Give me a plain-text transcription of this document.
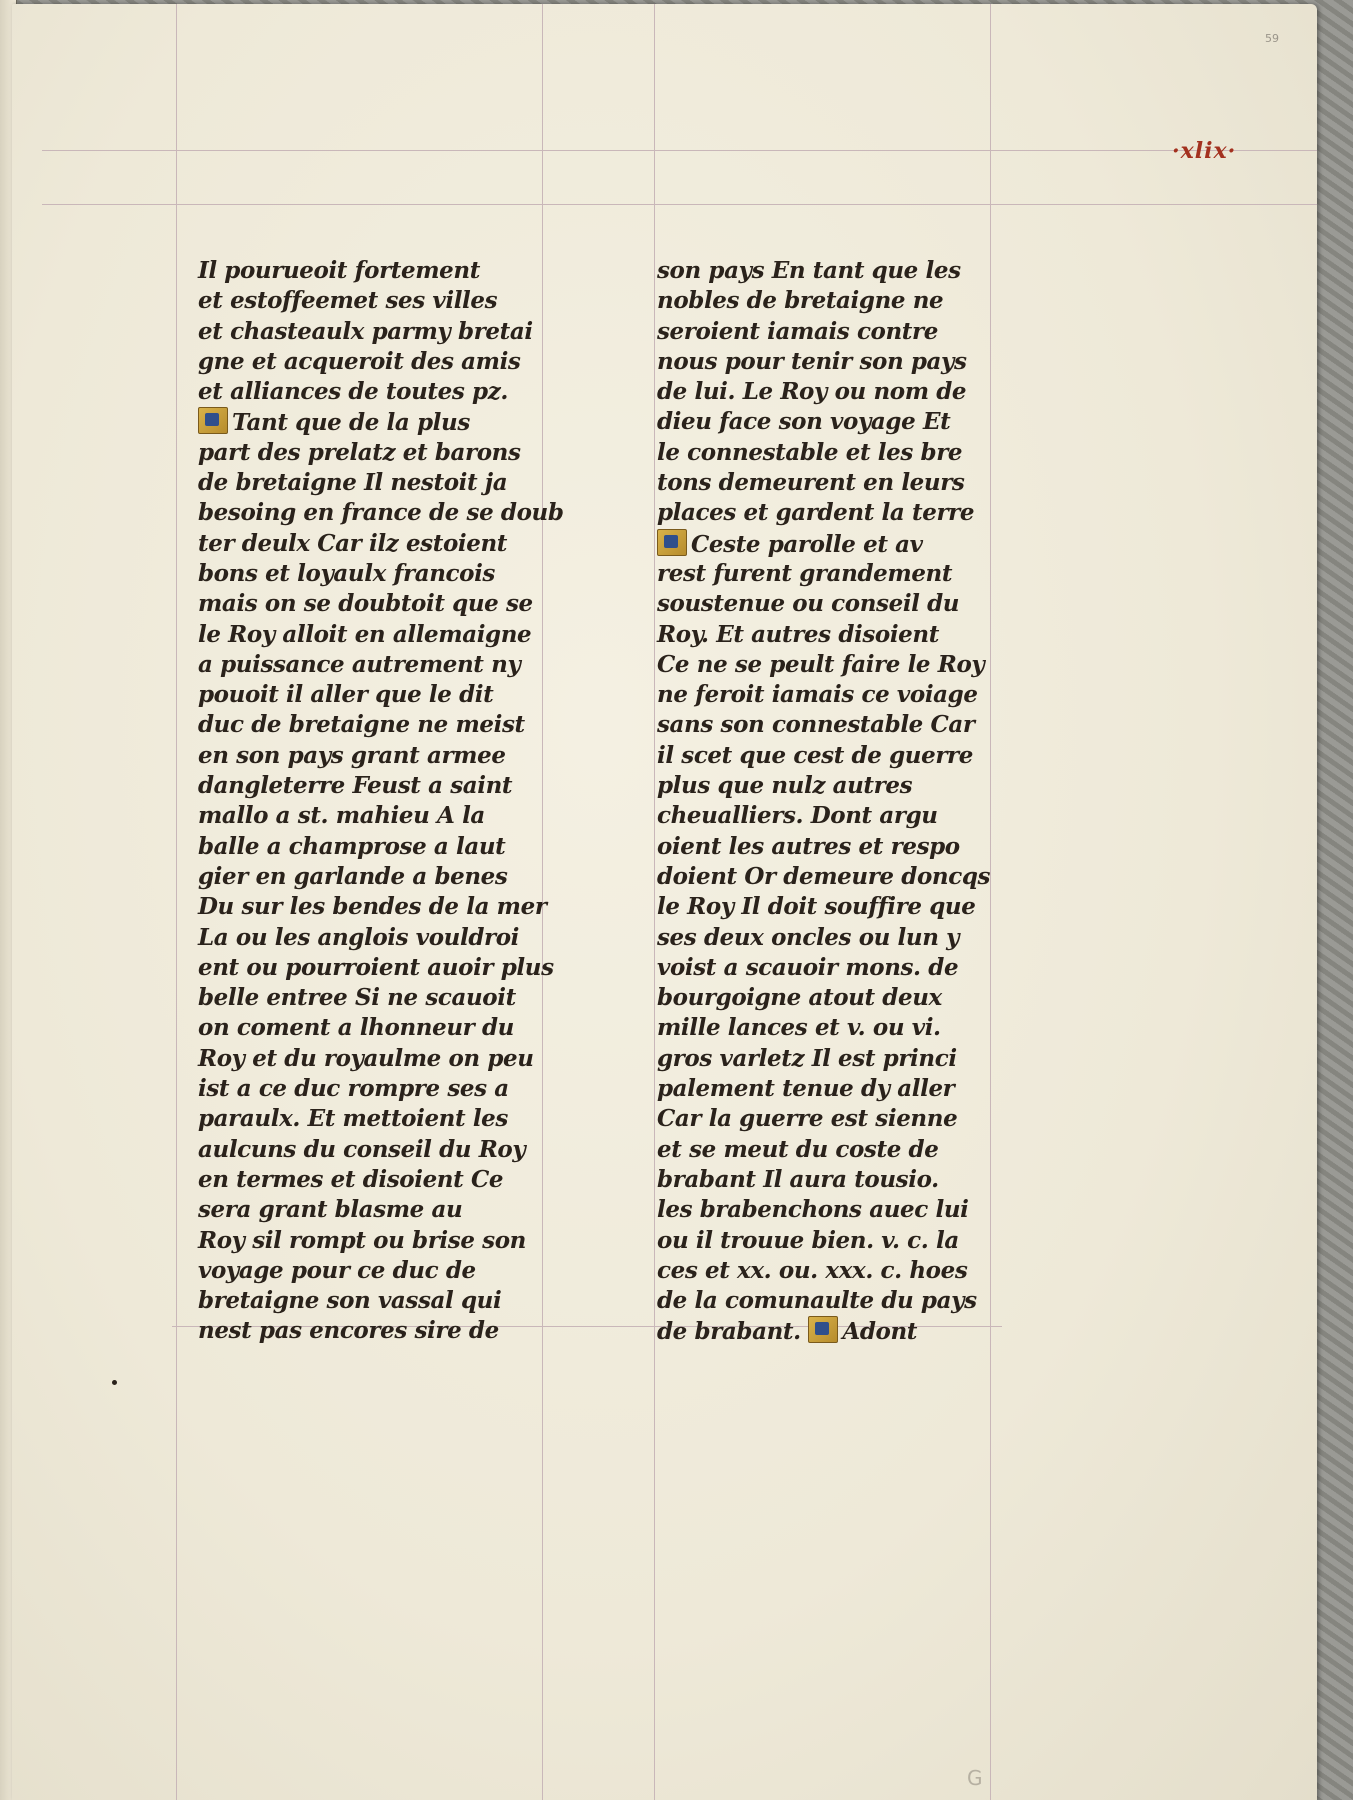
59
·xlix·
Il pourueoit fortement
et estoffeemet ses villes
et chasteaulx parmy bretai
gne et acqueroit des amis
et alliances de toutes pz.
Tant que de la plus
part des prelatz et barons
de bretaigne Il nestoit ja
besoing en france de se doub
ter deulx Car ilz estoient
bons et loyaulx francois
mais on se doubtoit que se
le Roy alloit en allemaigne
a puissance autrement ny
pouoit il aller que le dit
duc de bretaigne ne meist
en son pays grant armee
dangleterre Feust a saint
mallo a st. mahieu A la
balle a champrose a laut
gier en garlande a benes
Du sur les bendes de la mer
La ou les anglois vouldroi
ent ou pourroient auoir plus
belle entree Si ne scauoit
on coment a lhonneur du
Roy et du royaulme on peu
ist a ce duc rompre ses a
paraulx. Et mettoient les
aulcuns du conseil du Roy
en termes et disoient Ce
sera grant blasme au
Roy sil rompt ou brise son
voyage pour ce duc de
bretaigne son vassal qui
nest pas encores sire de
son pays En tant que les
nobles de bretaigne ne
seroient iamais contre
nous pour tenir son pays
de lui. Le Roy ou nom de
dieu face son voyage Et
le connestable et les bre
tons demeurent en leurs
places et gardent la terre
Ceste parolle et av
rest furent grandement
soustenue ou conseil du
Roy. Et autres disoient
Ce ne se peult faire le Roy
ne feroit iamais ce voiage
sans son connestable Car
il scet que cest de guerre
plus que nulz autres
cheualliers. Dont argu
oient les autres et respo
doient Or demeure doncqs
le Roy Il doit souffire que
ses deux oncles ou lun y
voist a scauoir mons. de
bourgoigne atout deux
mille lances et v. ou vi.
gros varletz Il est princi
palement tenue dy aller
Car la guerre est sienne
et se meut du coste de
brabant Il aura tousio.
les brabenchons auec lui
ou il trouue bien. v. c. la
ces et xx. ou. xxx. c. hoes
de la comunaulte du pays
de brabant. Adont
G
